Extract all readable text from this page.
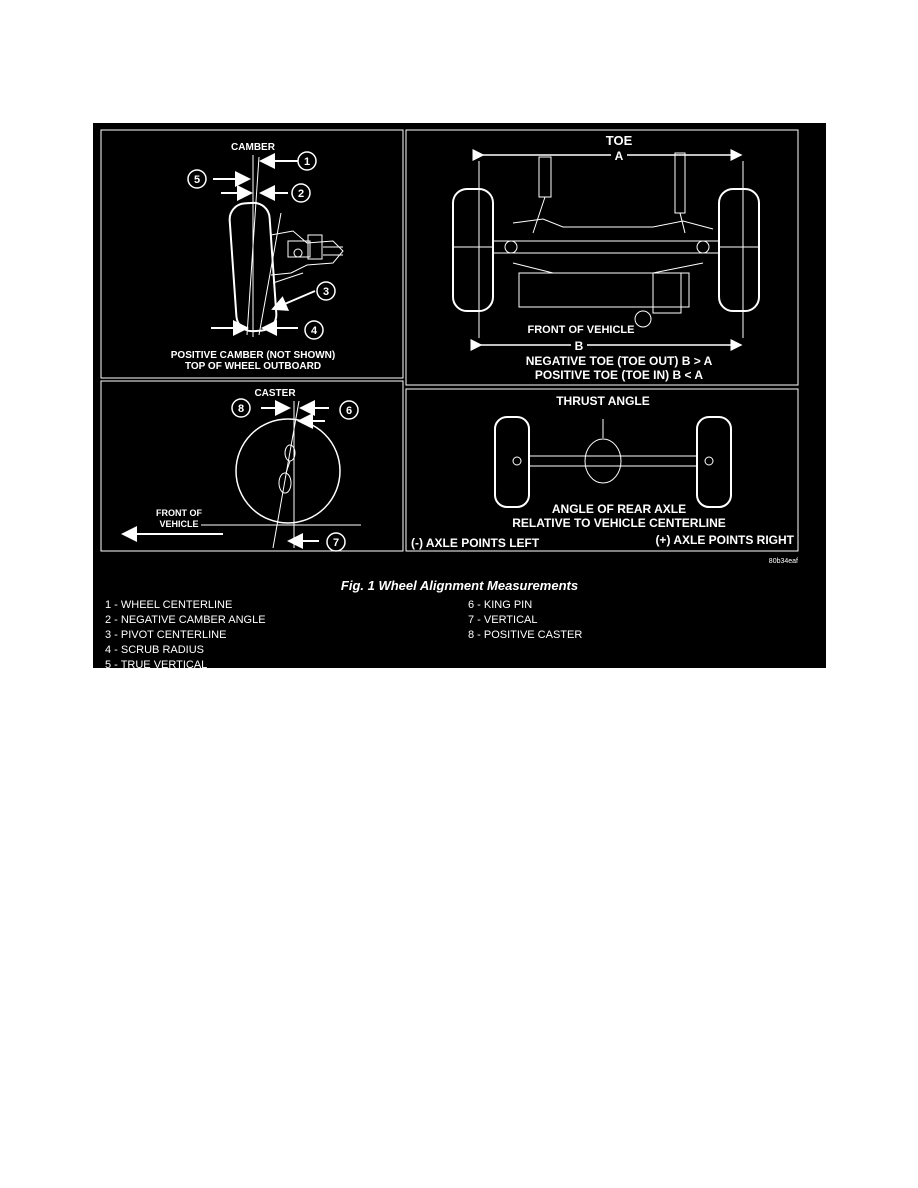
CAMBER
1
5
2
3
4
POSITIVE CAMBER (NOT SHOWN)
TOP OF WHEEL OUTBOARD
TOE
A
FRONT OF VEHICLE
B
NEGATIVE TOE (TOE OUT) B > A
POSITIVE TOE (TOE IN) B < A
CASTER
8	6
7
FRONT OF
VEHICLE
THRUST ANGLE
ANGLE OF REAR AXLE
RELATIVE TO VEHICLE CENTERLINE
(-) AXLE POINTS LEFT	(+) AXLE POINTS RIGHT
80b34eaf
Fig. 1 Wheel Alignment Measurements
1 - WHEEL CENTERLINE
2 - NEGATIVE CAMBER ANGLE
3 - PIVOT CENTERLINE
4 - SCRUB RADIUS
5 - TRUE VERTICAL
6 - KING PIN
7 - VERTICAL
8 - POSITIVE CASTER
